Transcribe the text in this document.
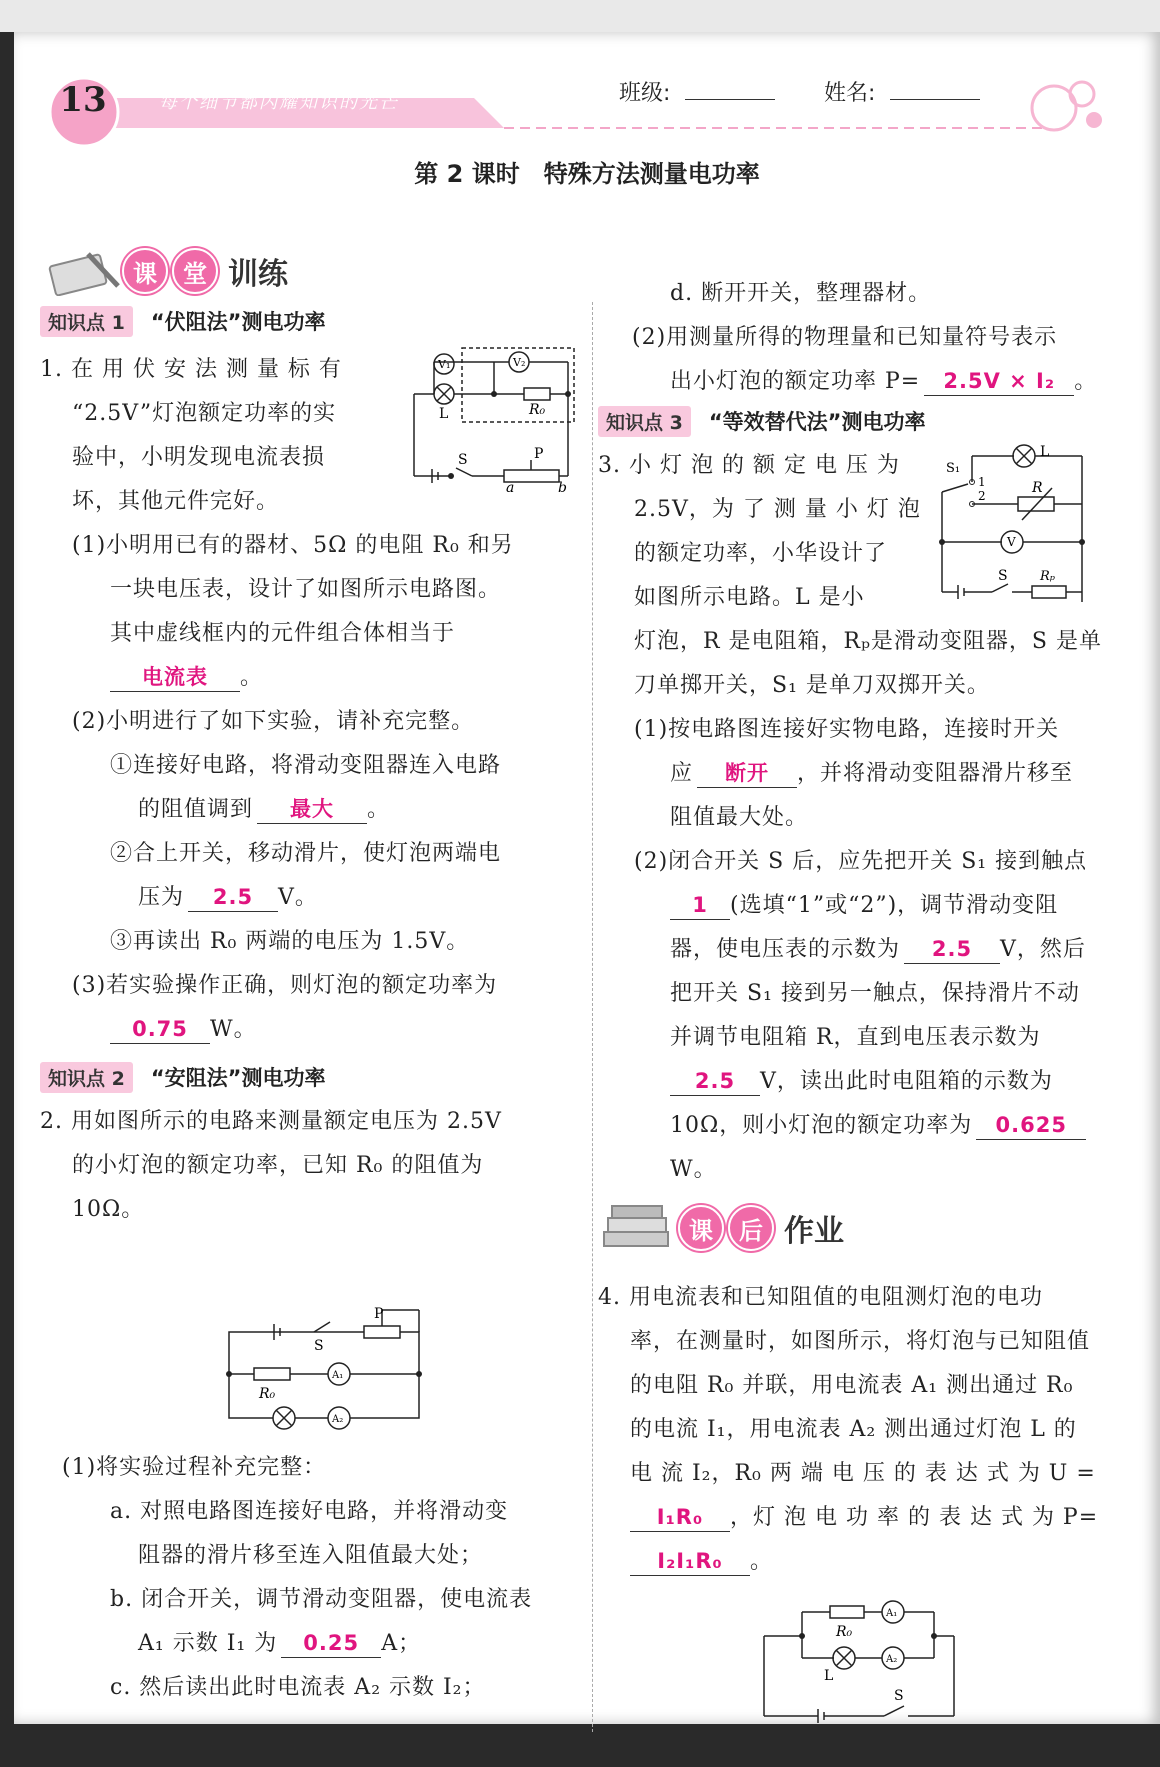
13	每个细节都闪耀知识的光芒	班级:	姓名:
第 2 课时　特殊方法测量电功率
课	堂 训练
知识点 1 “伏阻法”测电功率
1. 在 用 伏 安 法 测 量 标 有
“2.5V”灯泡额定功率的实
验中，小明发现电流表损
坏，其他元件完好。
V₁	V₂
R₀
L
S	P
a	b
(1)小明用已有的器材、5Ω 的电阻 R₀ 和另
一块电压表，设计了如图所示电路图。
其中虚线框内的元件组合体相当于
电流表 。
(2)小明进行了如下实验，请补充完整。
①连接好电路，将滑动变阻器连入电路
的阻值调到 最大 。
②合上开关，移动滑片，使灯泡两端电
压为 2.5 V。
③再读出 R₀ 两端的电压为 1.5V。
(3)若实验操作正确，则灯泡的额定功率为
0.75 W。
知识点 2 “安阻法”测电功率
2. 用如图所示的电路来测量额定电压为 2.5V
的小灯泡的额定功率，已知 R₀ 的阻值为
10Ω。
P
S
R₀
A₁
A₂
(1)将实验过程补充完整：
a. 对照电路图连接好电路，并将滑动变
阻器的滑片移至连入阻值最大处；
b. 闭合开关，调节滑动变阻器，使电流表
A₁ 示数 I₁ 为 0.25 A；
c. 然后读出此时电流表 A₂ 示数 I₂；
d. 断开开关，整理器材。
(2)用测量所得的物理量和已知量符号表示
出小灯泡的额定功率 P= 2.5V × I₂ 。
知识点 3 “等效替代法”测电功率
3. 小 灯 泡 的 额 定 电 压 为
2.5V，为 了 测 量 小 灯 泡
的额定功率，小华设计了
如图所示电路。L 是小
S₁
1
2
L
R
V
S Rₚ
灯泡，R 是电阻箱，Rₚ是滑动变阻器，S 是单
刀单掷开关，S₁ 是单刀双掷开关。
(1)按电路图连接好实物电路，连接时开关
应 断开 ，并将滑动变阻器滑片移至
阻值最大处。
(2)闭合开关 S 后，应先把开关 S₁ 接到触点
1 (选填“1”或“2”)，调节滑动变阻
器，使电压表的示数为 2.5 V，然后
把开关 S₁ 接到另一触点，保持滑片不动
并调节电阻箱 R，直到电压表示数为
2.5 V，读出此时电阻箱的示数为
10Ω，则小灯泡的额定功率为 0.625
W。
课	后 作业
4. 用电流表和已知阻值的电阻测灯泡的电功
率，在测量时，如图所示，将灯泡与已知阻值
的电阻 R₀ 并联，用电流表 A₁ 测出通过 R₀
的电流 I₁，用电流表 A₂ 测出通过灯泡 L 的
电 流 I₂，R₀ 两 端 电 压 的 表 达 式 为 U =
I₁R₀ ，灯 泡 电 功 率 的 表 达 式 为 P=
I₂I₁R₀ 。
R₀
A₁
A₂
L
S
